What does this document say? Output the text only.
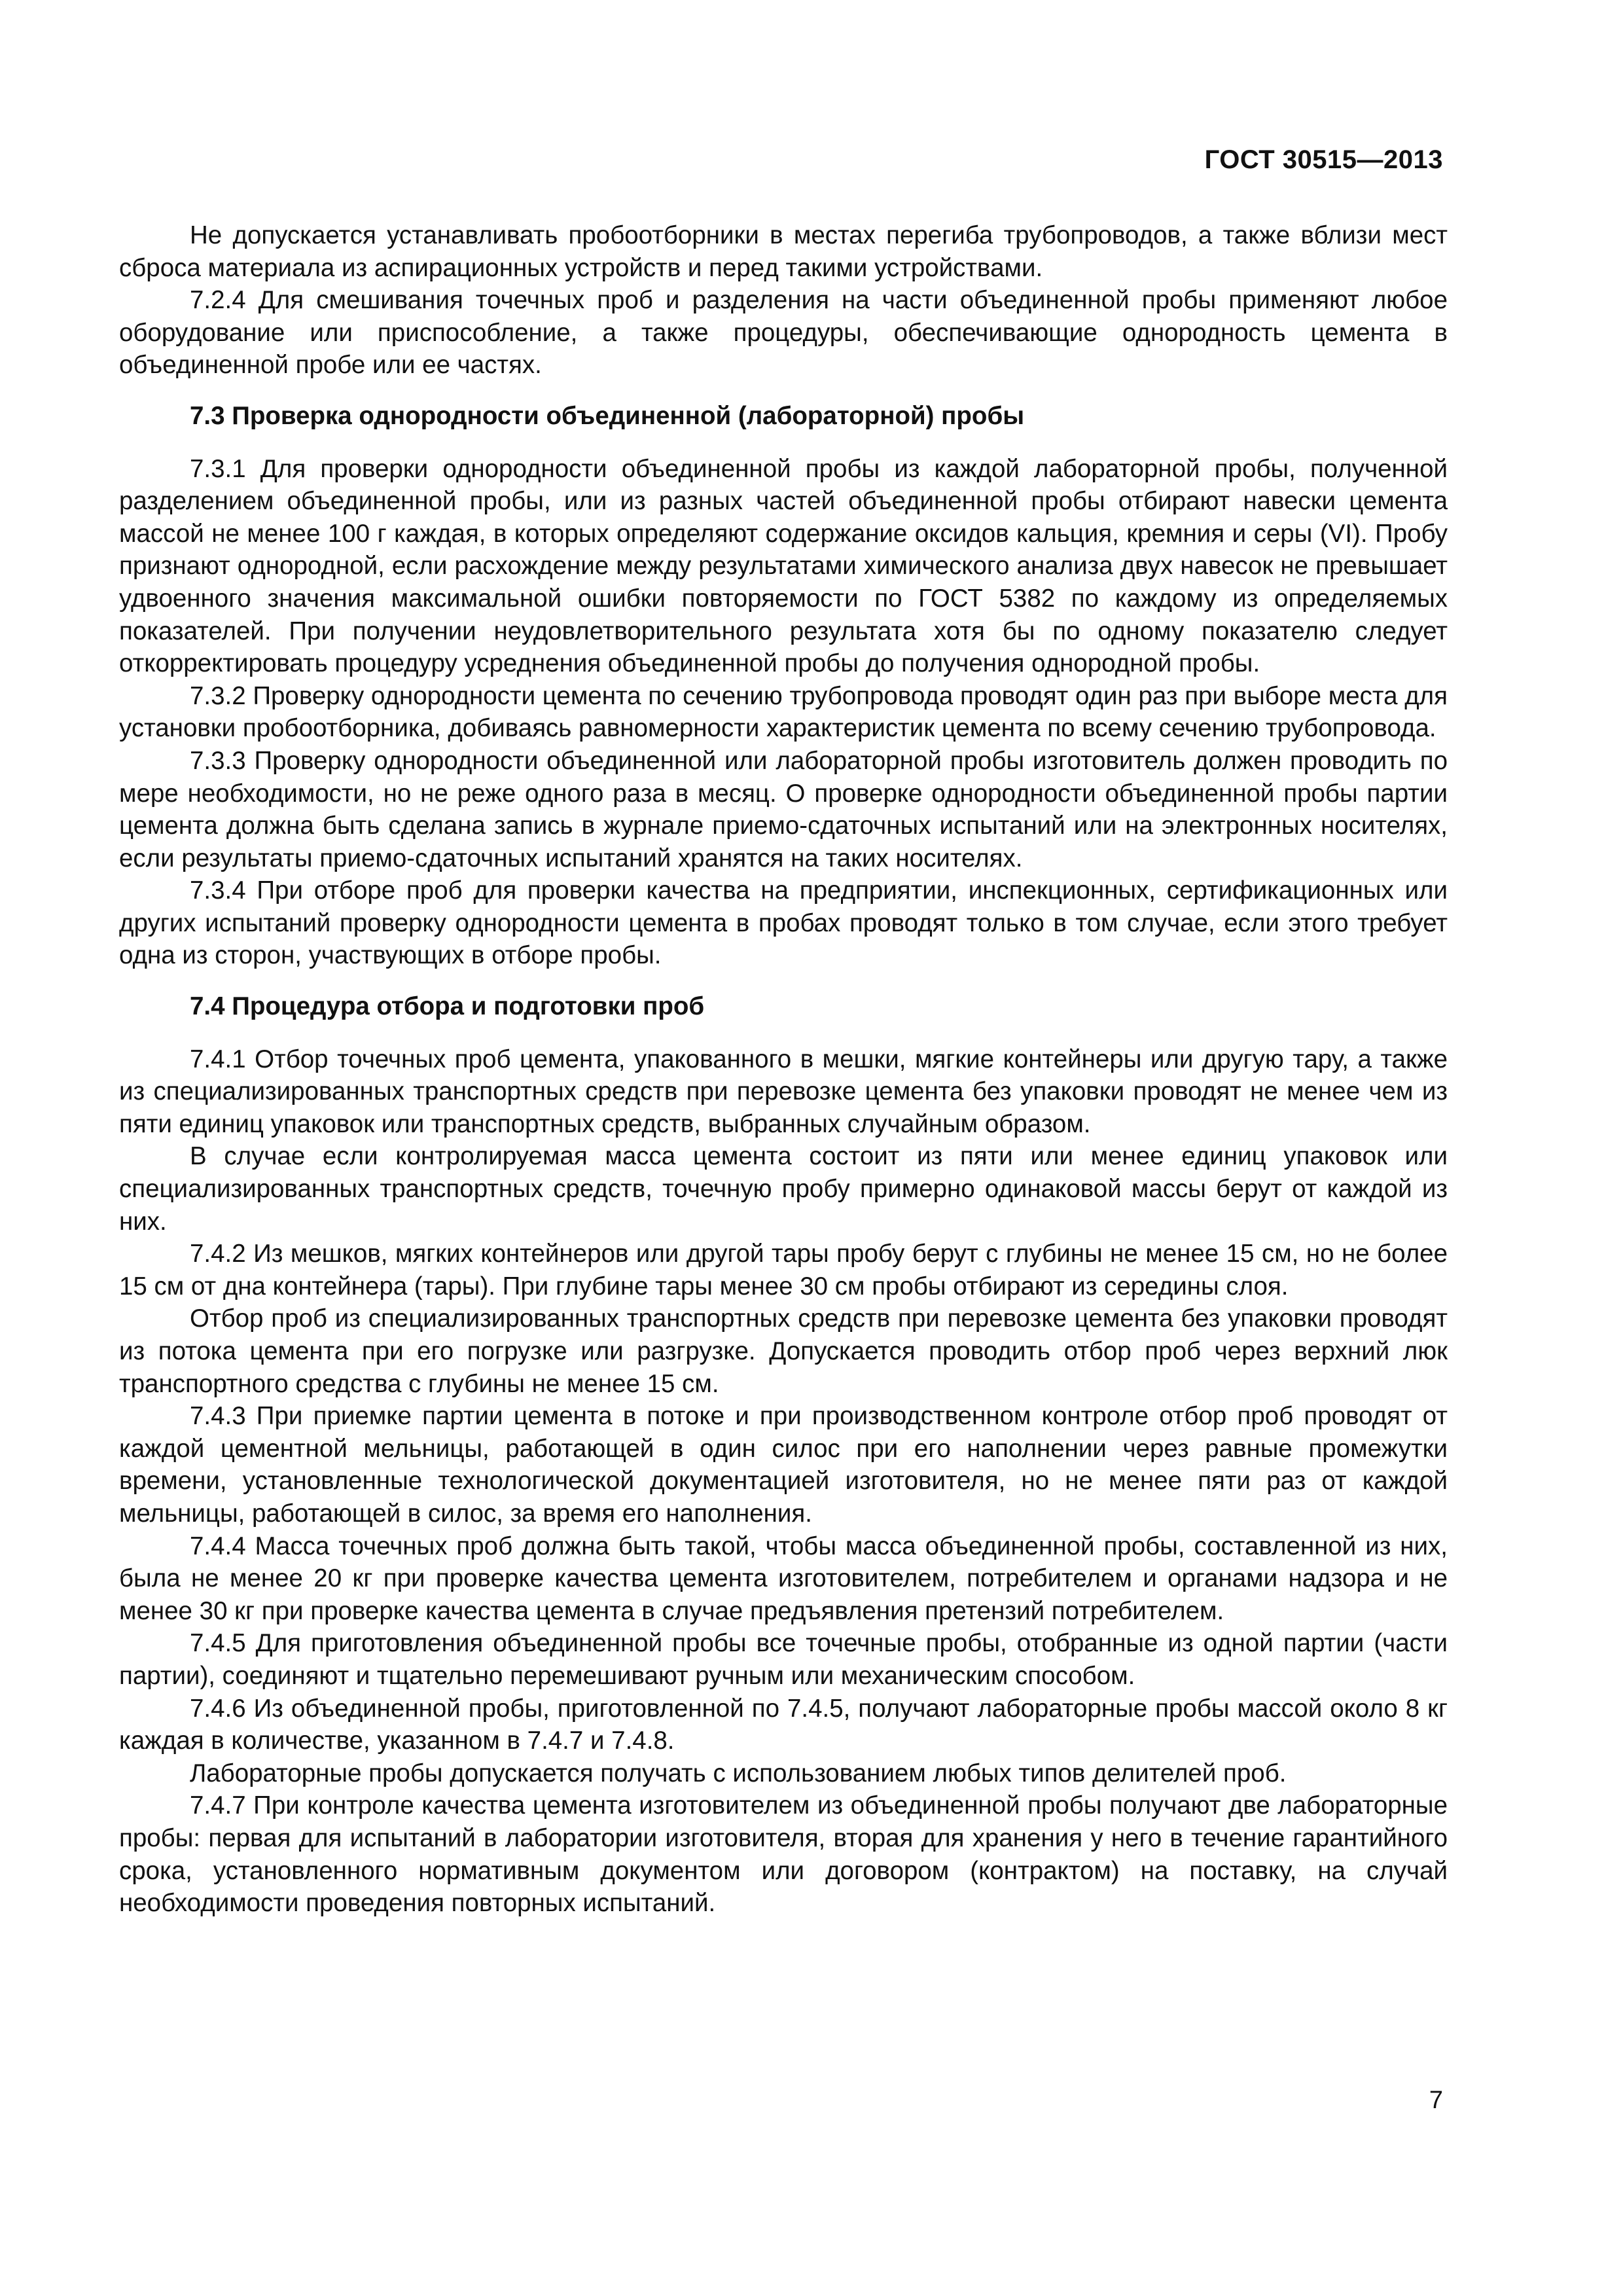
ГОСТ 30515—2013

Не допускается устанавливать пробоотборники в местах перегиба трубопроводов, а также вблизи мест сброса материала из аспирационных устройств и перед такими устройствами.

7.2.4 Для смешивания точечных проб и разделения на части объединенной пробы применяют любое оборудование или приспособление, а также процедуры, обеспечивающие однородность цемента в объединенной пробе или ее частях.

7.3 Проверка однородности объединенной (лабораторной) пробы

7.3.1 Для проверки однородности объединенной пробы из каждой лабораторной пробы, полученной разделением объединенной пробы, или из разных частей объединенной пробы отбирают навески цемента массой не менее 100 г каждая, в которых определяют содержание оксидов кальция, кремния и серы (VI). Пробу признают однородной, если расхождение между результатами химического анализа двух навесок не превышает удвоенного значения максимальной ошибки повторяемости по ГОСТ 5382 по каждому из определяемых показателей. При получении неудовлетворительного результата хотя бы по одному показателю следует откорректировать процедуру усреднения объединенной пробы до получения однородной пробы.

7.3.2 Проверку однородности цемента по сечению трубопровода проводят один раз при выборе места для установки пробоотборника, добиваясь равномерности характеристик цемента по всему сечению трубопровода.

7.3.3 Проверку однородности объединенной или лабораторной пробы изготовитель должен проводить по мере необходимости, но не реже одного раза в месяц. О проверке однородности объединенной пробы партии цемента должна быть сделана запись в журнале приемо-сдаточных испытаний или на электронных носителях, если результаты приемо-сдаточных испытаний хранятся на таких носителях.

7.3.4 При отборе проб для проверки качества на предприятии, инспекционных, сертификационных или других испытаний проверку однородности цемента в пробах проводят только в том случае, если этого требует одна из сторон, участвующих в отборе пробы.

7.4 Процедура отбора и подготовки проб

7.4.1 Отбор точечных проб цемента, упакованного в мешки, мягкие контейнеры или другую тару, а также из специализированных транспортных средств при перевозке цемента без упаковки проводят не менее чем из пяти единиц упаковок или транспортных средств, выбранных случайным образом.

В случае если контролируемая масса цемента состоит из пяти или менее единиц упаковок или специализированных транспортных средств, точечную пробу примерно одинаковой массы берут от каждой из них.

7.4.2 Из мешков, мягких контейнеров или другой тары пробу берут с глубины не менее 15 см, но не более 15 см от дна контейнера (тары). При глубине тары менее 30 см пробы отбирают из середины слоя.

Отбор проб из специализированных транспортных средств при перевозке цемента без упаковки проводят из потока цемента при его погрузке или разгрузке. Допускается проводить отбор проб через верхний люк транспортного средства с глубины не менее 15 см.

7.4.3 При приемке партии цемента в потоке и при производственном контроле отбор проб проводят от каждой цементной мельницы, работающей в один силос при его наполнении через равные промежутки времени, установленные технологической документацией изготовителя, но не менее пяти раз от каждой мельницы, работающей в силос, за время его наполнения.

7.4.4 Масса точечных проб должна быть такой, чтобы масса объединенной пробы, составленной из них, была не менее 20 кг при проверке качества цемента изготовителем, потребителем и органами надзора и не менее 30 кг при проверке качества цемента в случае предъявления претензий потребителем.

7.4.5 Для приготовления объединенной пробы все точечные пробы, отобранные из одной партии (части партии), соединяют и тщательно перемешивают ручным или механическим способом.

7.4.6 Из объединенной пробы, приготовленной по 7.4.5, получают лабораторные пробы массой около 8 кг каждая в количестве, указанном в 7.4.7 и 7.4.8.

Лабораторные пробы допускается получать с использованием любых типов делителей проб.

7.4.7 При контроле качества цемента изготовителем из объединенной пробы получают две лабораторные пробы: первая для испытаний в лаборатории изготовителя, вторая для хранения у него в течение гарантийного срока, установленного нормативным документом или договором (контрактом) на поставку, на случай необходимости проведения повторных испытаний.

7
